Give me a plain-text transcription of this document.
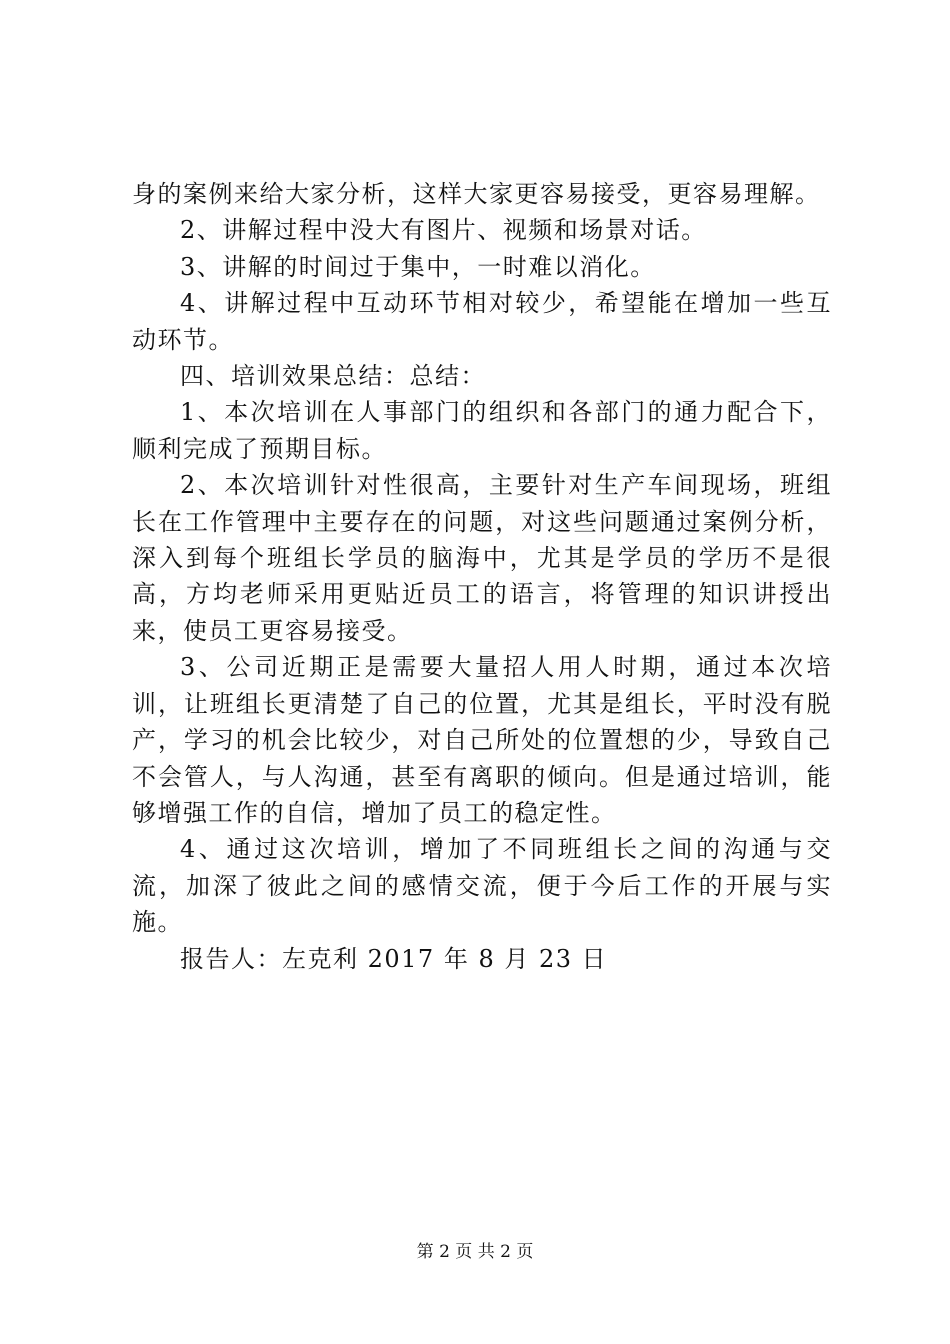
身的案例来给大家分析，这样大家更容易接受，更容易理解。

2、讲解过程中没大有图片、视频和场景对话。

3、讲解的时间过于集中，一时难以消化。

4、讲解过程中互动环节相对较少，希望能在增加一些互动环节。

四、培训效果总结：总结：

1、本次培训在人事部门的组织和各部门的通力配合下，顺利完成了预期目标。

2、本次培训针对性很高，主要针对生产车间现场，班组长在工作管理中主要存在的问题，对这些问题通过案例分析，深入到每个班组长学员的脑海中，尤其是学员的学历不是很高，方均老师采用更贴近员工的语言，将管理的知识讲授出来，使员工更容易接受。

3、公司近期正是需要大量招人用人时期，通过本次培训，让班组长更清楚了自己的位置，尤其是组长，平时没有脱产，学习的机会比较少，对自己所处的位置想的少，导致自己不会管人，与人沟通，甚至有离职的倾向。但是通过培训，能够增强工作的自信，增加了员工的稳定性。

4、通过这次培训，增加了不同班组长之间的沟通与交流，加深了彼此之间的感情交流，便于今后工作的开展与实施。

报告人：左克利 2017 年 8 月 23 日

第 2 页 共 2 页
